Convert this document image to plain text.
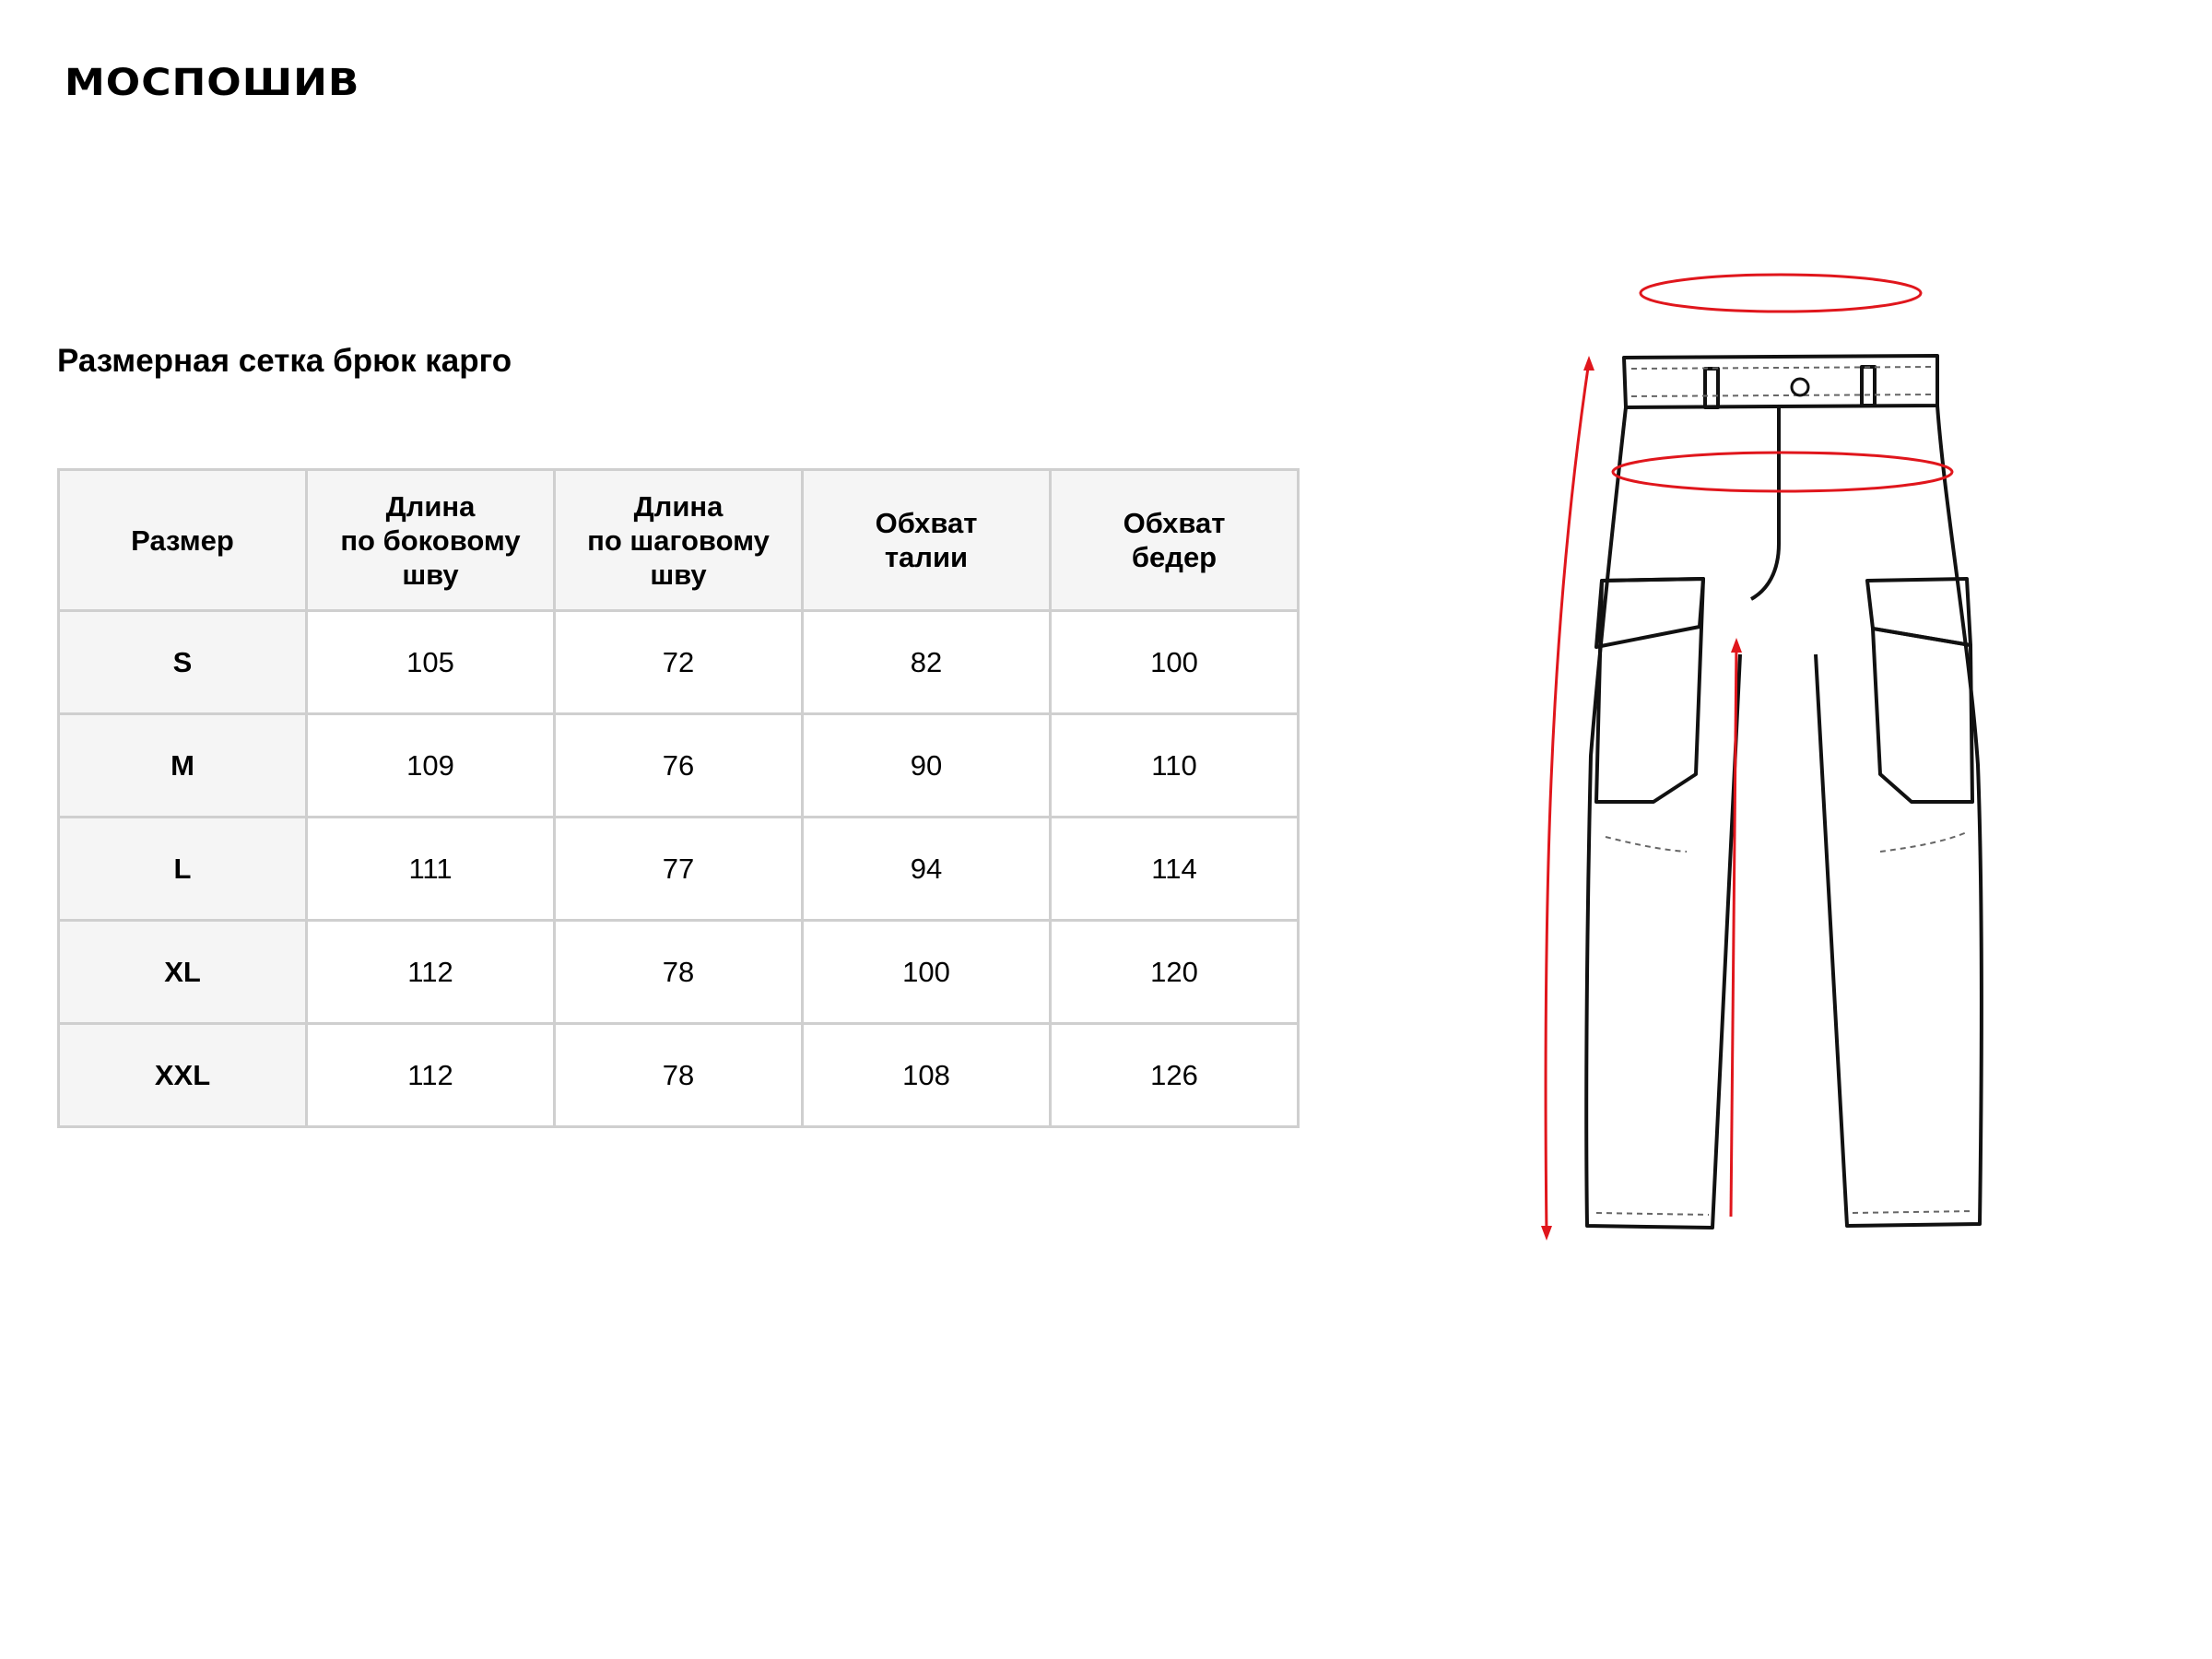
МОСПОШИВ
Размерная сетка брюк карго
Размер	Длина
по боковому
шву	Длина
по шаговому
шву	Обхват
талии	Обхват
бедер

S	105	72	82	100
M	109	76	90	110
L	111	77	94	114
XL	112	78	100	120
XXL	112	78	108	126
